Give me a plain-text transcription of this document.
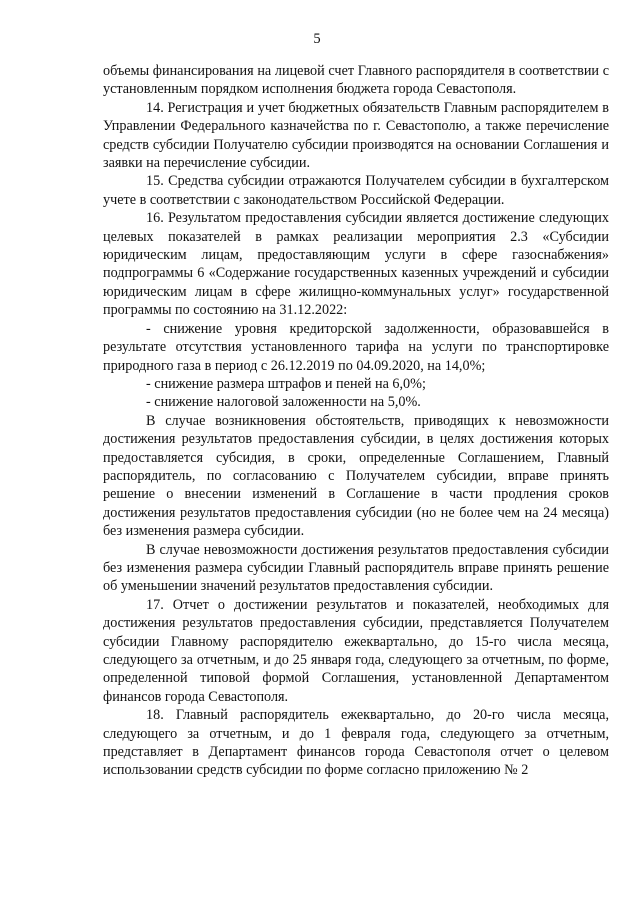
5

объемы финансирования на лицевой счет Главного распорядителя в соответствии с установленным порядком исполнения бюджета города Севастополя.

14. Регистрация и учет бюджетных обязательств Главным распорядителем в Управлении Федерального казначейства по г. Севастополю, а также перечисление средств субсидии Получателю субсидии производятся на основании Соглашения и заявки на перечисление субсидии.

15. Средства субсидии отражаются Получателем субсидии в бухгалтерском учете в соответствии с законодательством Российской Федерации.

16. Результатом предоставления субсидии является достижение следующих целевых показателей в рамках реализации мероприятия 2.3 «Субсидии юридическим лицам, предоставляющим услуги в сфере газоснабжения» подпрограммы 6 «Содержание государственных казенных учреждений и субсидии юридическим лицам в сфере жилищно-коммунальных услуг» государственной программы по состоянию на 31.12.2022:

- снижение уровня кредиторской задолженности, образовавшейся в результате отсутствия установленного тарифа на услуги по транспортировке природного газа в период с 26.12.2019 по 04.09.2020, на 14,0%;

- снижение размера штрафов и пеней на 6,0%;

- снижение налоговой заложенности на 5,0%.

В случае возникновения обстоятельств, приводящих к невозможности достижения результатов предоставления субсидии, в целях достижения которых предоставляется субсидия, в сроки, определенные Соглашением, Главный распорядитель, по согласованию с Получателем субсидии, вправе принять решение о внесении изменений в Соглашение в части продления сроков достижения результатов предоставления субсидии (но не более чем на 24 месяца) без изменения размера субсидии.

В случае невозможности достижения результатов предоставления субсидии без изменения размера субсидии Главный распорядитель вправе принять решение об уменьшении значений результатов предоставления субсидии.

17. Отчет о достижении результатов и показателей, необходимых для достижения результатов предоставления субсидии, представляется Получателем субсидии Главному распорядителю ежеквартально, до 15-го числа месяца, следующего за отчетным, и до 25 января года, следующего за отчетным, по форме, определенной типовой формой Соглашения, установленной Департаментом финансов города Севастополя.

18. Главный распорядитель ежеквартально, до 20-го числа месяца, следующего за отчетным, и до 1 февраля года, следующего за отчетным, представляет в Департамент финансов города Севастополя отчет о целевом использовании средств субсидии по форме согласно приложению № 2
